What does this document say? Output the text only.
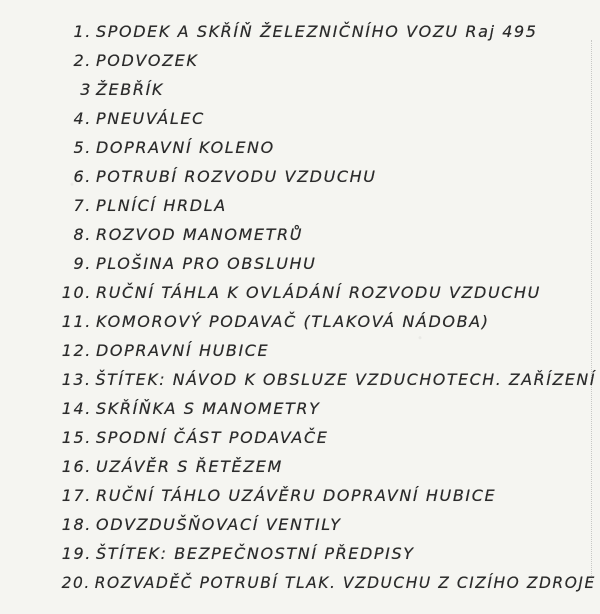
1. SPODEK A SKŘÍŇ ŽELEZNIČNÍHO VOZU Raj 495
2. PODVOZEK
3 ŽEBŘÍK
4. PNEUVÁLEC
5. DOPRAVNÍ KOLENO
6. POTRUBÍ ROZVODU VZDUCHU
7. PLNÍCÍ HRDLA
8. ROZVOD MANOMETRŮ
9. PLOŠINA PRO OBSLUHU
10. RUČNÍ TÁHLA K OVLÁDÁNÍ ROZVODU VZDUCHU
11. KOMOROVÝ PODAVAČ (TLAKOVÁ NÁDOBA)
12. DOPRAVNÍ HUBICE
13. ŠTÍTEK: NÁVOD K OBSLUZE VZDUCHOTECH. ZAŘÍZENÍ
14. SKŘÍŇKA S MANOMETRY
15. SPODNÍ ČÁST PODAVAČE
16. UZÁVĚR S ŘETĚZEM
17. RUČNÍ TÁHLO UZÁVĚRU DOPRAVNÍ HUBICE
18. ODVZDUŠŇOVACÍ VENTILY
19. ŠTÍTEK: BEZPEČNOSTNÍ PŘEDPISY
20. ROZVADĚČ POTRUBÍ TLAK. VZDUCHU Z CIZÍHO ZDROJE
